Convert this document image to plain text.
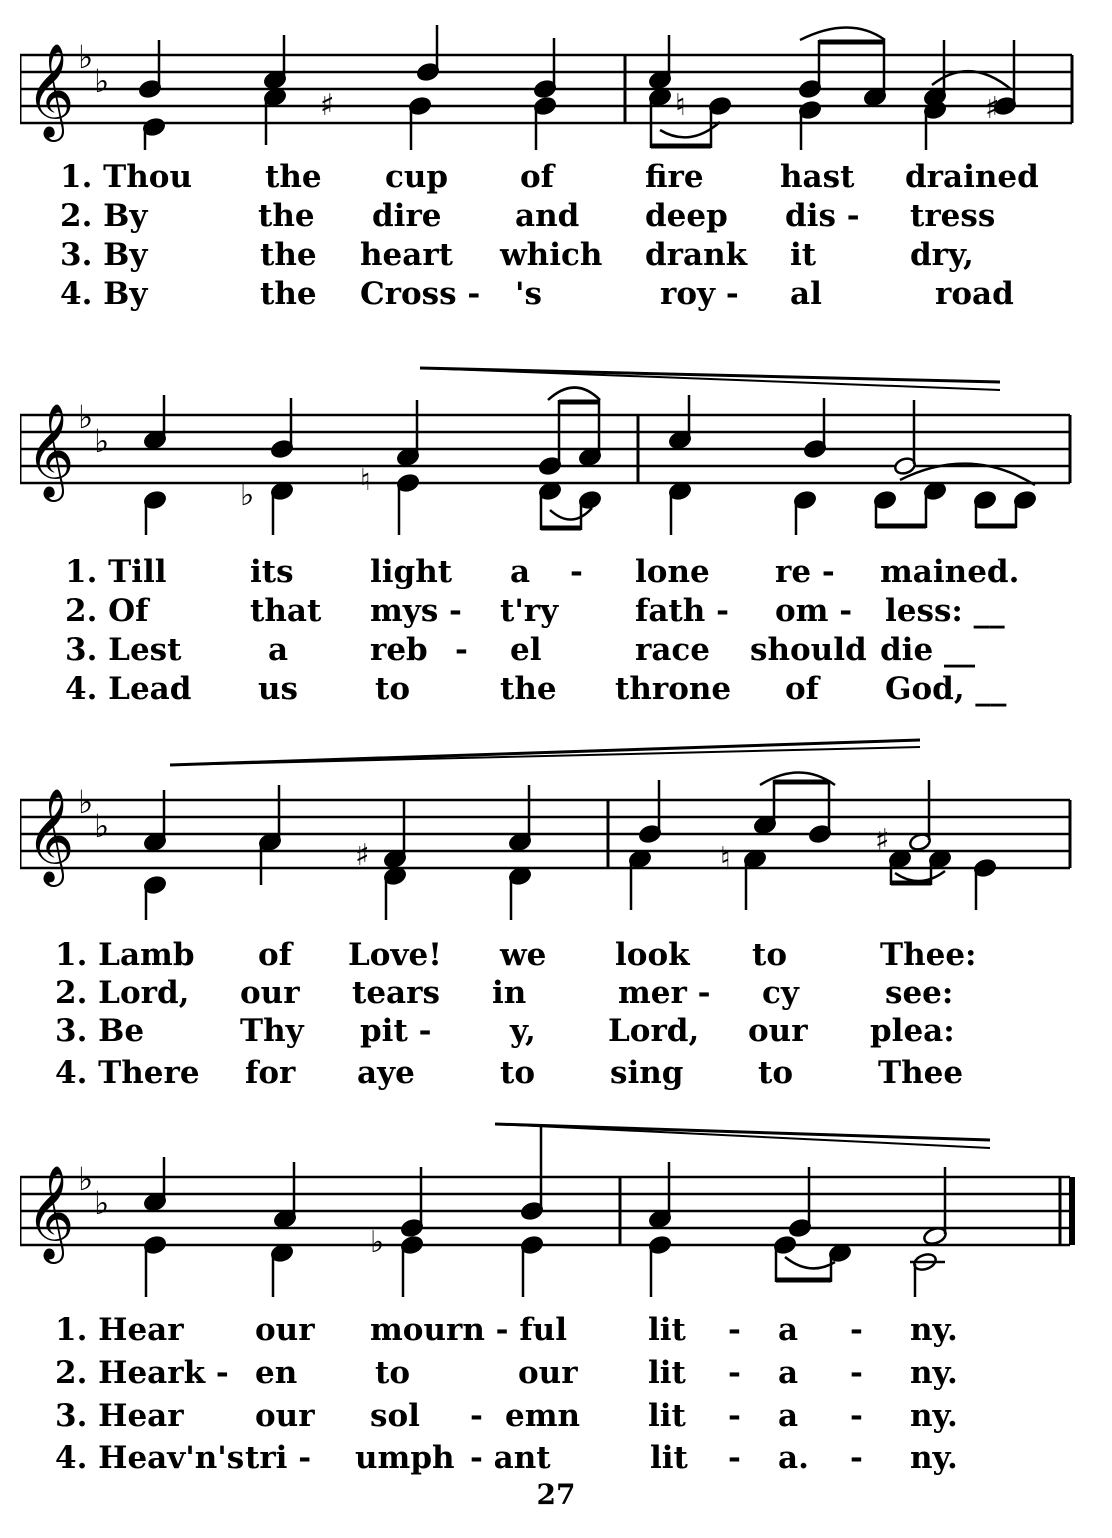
𝄞 ♭
♭
♯	♮	♯
1. Thou the cup of	fire hast drained
2. By	the dire and deep dis - tress
3. By	the heart which drank it	dry,
4. By	the Cross - 's	roy - al	road
𝄞 ♭
♭
♭	♮
1. Till	its light a - lone re - mained.
2. Of	that mys - t'ry fath - om - less: __
3. Lest	a	reb - el	race should die __
4. Lead us to	the throne of God, __
𝄞 ♭
♭
♯	♮
♯
1. Lamb of Love! we look to	Thee:
2. Lord, our tears in	mer - cy	see:
3. Be	Thy pit -	y, Lord, our plea:
4. There for aye	to sing to	Thee
𝄞 ♭
♭
♭
1. Hear our mourn - ful	lit - a - ny.
2. Heark - en	to	our lit - a - ny.
3. Hear our sol - emn lit - a - ny.
4. Heav'n's tri - umph - ant	lit - a. - ny.
27
